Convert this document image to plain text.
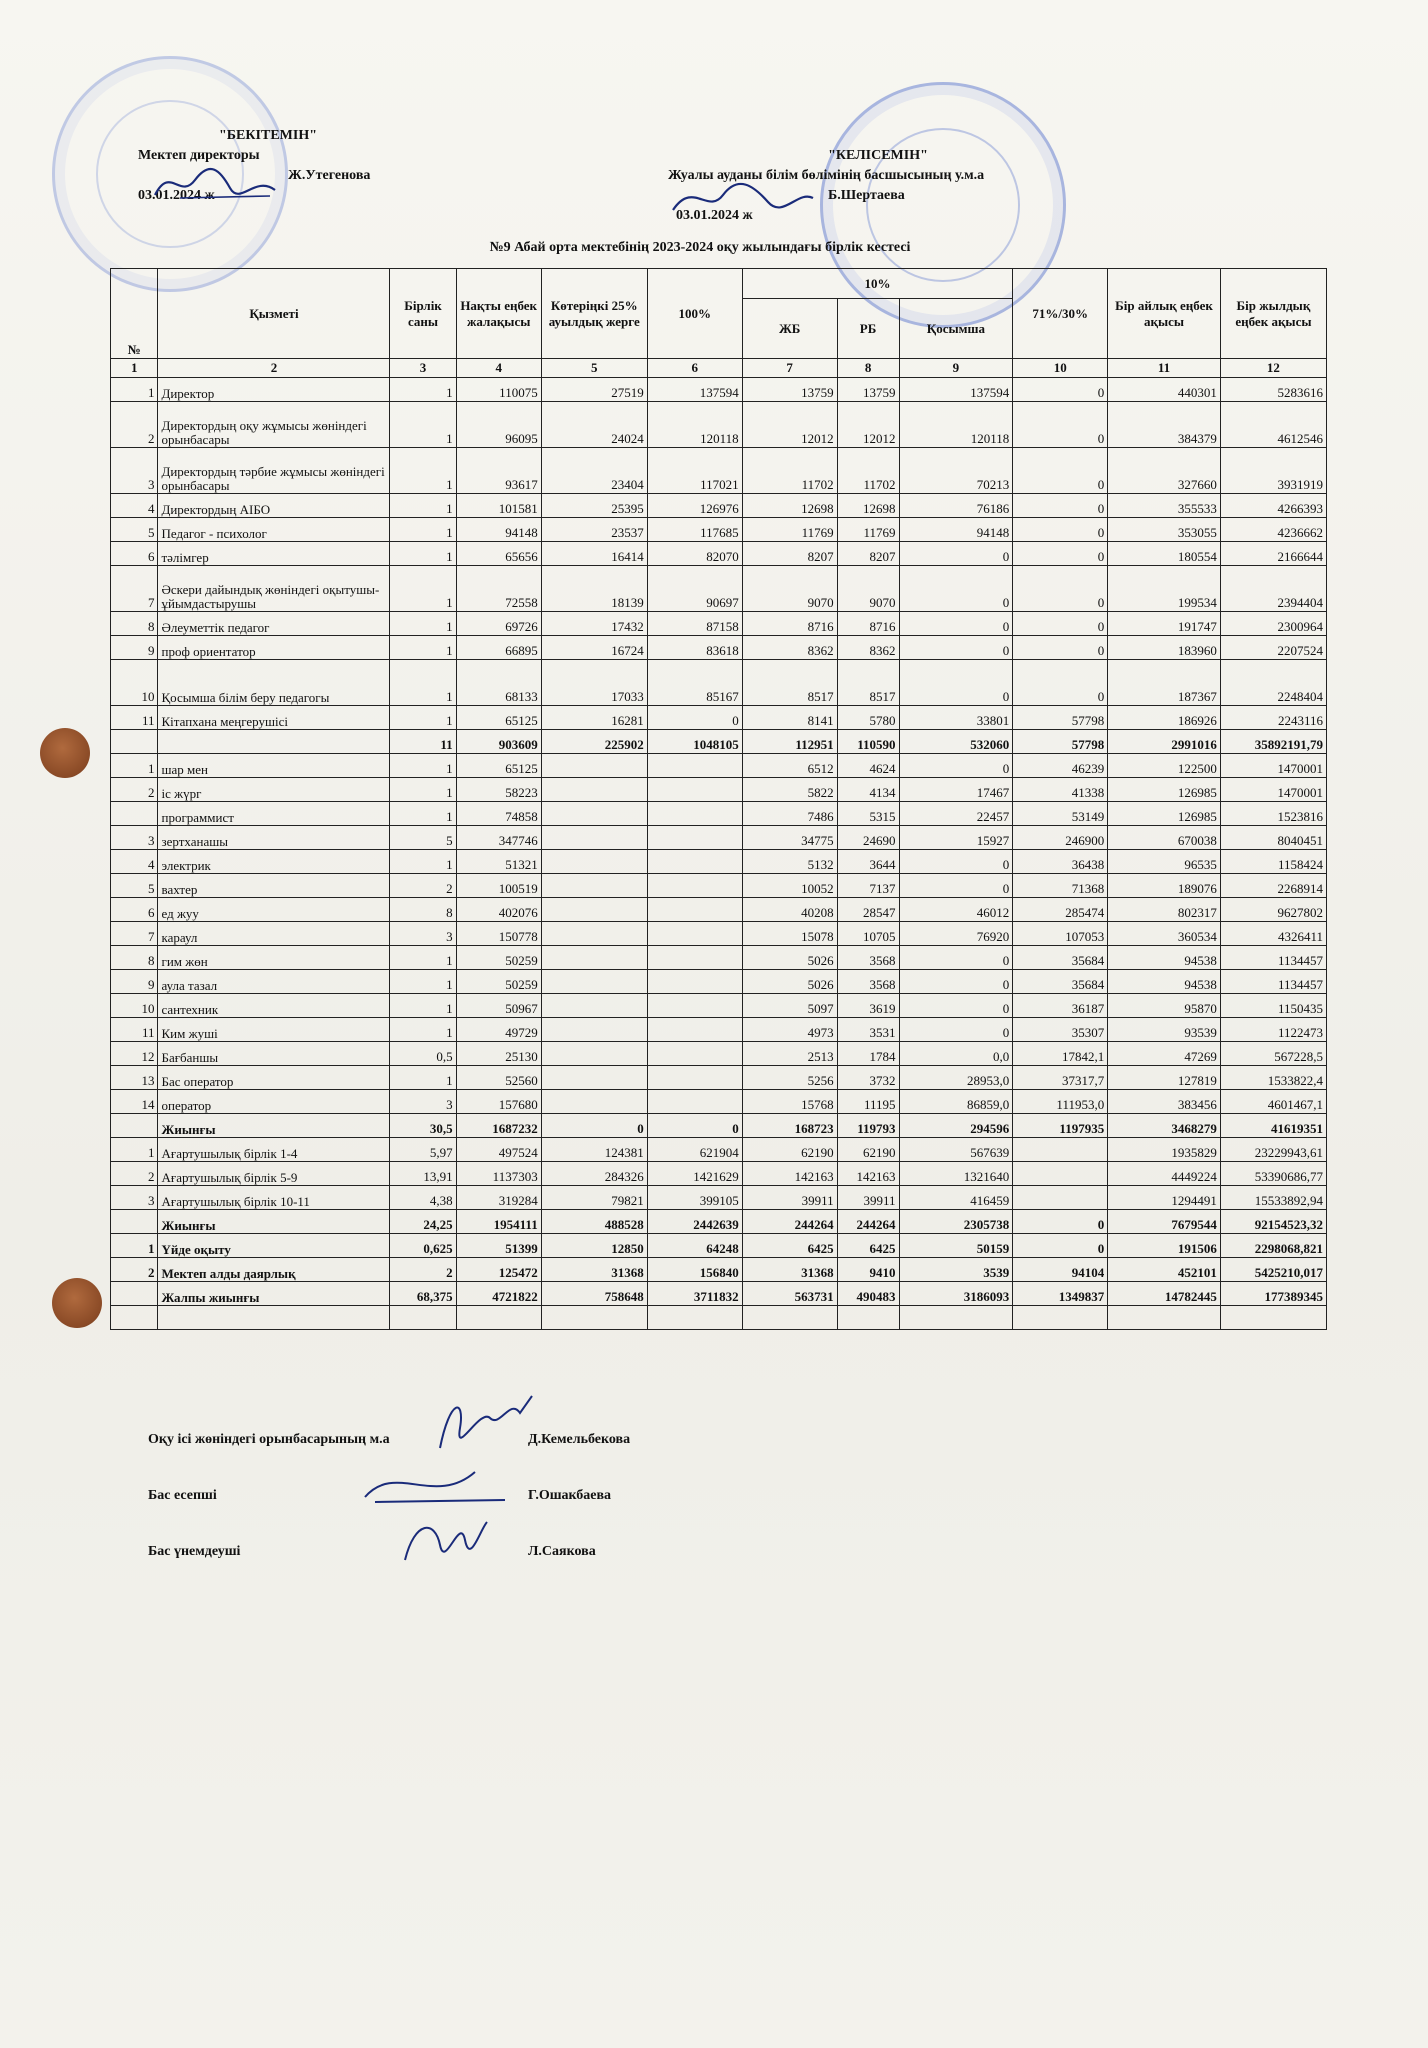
"БЕКІТЕМІН"
Мектеп директоры
Ж.Утегенова
03.01.2024 ж
"КЕЛІСЕМІН"
Жуалы ауданы білім бөлімінің басшысының у.м.а
Б.Шертаева
03.01.2024 ж
№9 Абай орта мектебінің 2023-2024 оқу жылындағы бірлік кестесі
№	Қызметі	Бірлік саны	Нақты еңбек жалақысы	Көтеріңкі 25% ауылдық жерге	100%	10%			71%/30%	Бір айлық еңбек ақысы	Бір жылдық еңбек ақысы
						ЖБ	РБ	Қосымша			
1	2	3	4	5	6	7	8	9	10	11	12
1	Директор	1	110075	27519	137594	13759	13759	137594	0	440301	5283616
2	Директордың оқу жұмысы жөніндегі орынбасары	1	96095	24024	120118	12012	12012	120118	0	384379	4612546
3	Директордың тәрбие жұмысы жөніндегі орынбасары	1	93617	23404	117021	11702	11702	70213	0	327660	3931919
4	Директордың АІБО	1	101581	25395	126976	12698	12698	76186	0	355533	4266393
5	Педагог - психолог	1	94148	23537	117685	11769	11769	94148	0	353055	4236662
6	тәлімгер	1	65656	16414	82070	8207	8207	0	0	180554	2166644
7	Әскери дайындық жөніндегі оқытушы-ұйымдастырушы	1	72558	18139	90697	9070	9070	0	0	199534	2394404
8	Әлеуметтік педагог	1	69726	17432	87158	8716	8716	0	0	191747	2300964
9	проф ориентатор	1	66895	16724	83618	8362	8362	0	0	183960	2207524
10	Қосымша білім беру педагогы	1	68133	17033	85167	8517	8517	0	0	187367	2248404
11	Кітапхана меңгерушісі	1	65125	16281	0	8141	5780	33801	57798	186926	2243116
		11	903609	225902	1048105	112951	110590	532060	57798	2991016	35892191,79
1	шар мен	1	65125			6512	4624	0	46239	122500	1470001
2	іс жүрг	1	58223			5822	4134	17467	41338	126985	1470001
	программист	1	74858			7486	5315	22457	53149	126985	1523816
3	зертханашы	5	347746			34775	24690	15927	246900	670038	8040451
4	электрик	1	51321			5132	3644	0	36438	96535	1158424
5	вахтер	2	100519			10052	7137	0	71368	189076	2268914
6	ед жуу	8	402076			40208	28547	46012	285474	802317	9627802
7	караул	3	150778			15078	10705	76920	107053	360534	4326411
8	гим жөн	1	50259			5026	3568	0	35684	94538	1134457
9	аула тазал	1	50259			5026	3568	0	35684	94538	1134457
10	сантехник	1	50967			5097	3619	0	36187	95870	1150435
11	Ким жуші	1	49729			4973	3531	0	35307	93539	1122473
12	Бағбаншы	0,5	25130			2513	1784	0,0	17842,1	47269	567228,5
13	Бас оператор	1	52560			5256	3732	28953,0	37317,7	127819	1533822,4
14	оператор	3	157680			15768	11195	86859,0	111953,0	383456	4601467,1
	Жиынғы	30,5	1687232	0	0	168723	119793	294596	1197935	3468279	41619351
1	Ағартушылық бірлік 1-4	5,97	497524	124381	621904	62190	62190	567639		1935829	23229943,61
2	Ағартушылық бірлік 5-9	13,91	1137303	284326	1421629	142163	142163	1321640		4449224	53390686,77
3	Ағартушылық бірлік 10-11	4,38	319284	79821	399105	39911	39911	416459		1294491	15533892,94
	Жиынғы	24,25	1954111	488528	2442639	244264	244264	2305738	0	7679544	92154523,32
1	Үйде оқыту	0,625	51399	12850	64248	6425	6425	50159	0	191506	2298068,821
2	Мектеп алды даярлық	2	125472	31368	156840	31368	9410	3539	94104	452101	5425210,017
	Жалпы жиынғы	68,375	4721822	758648	3711832	563731	490483	3186093	1349837	14782445	177389345

Оқу ісі жөніндегі орынбасарының м.а	Д.Кемельбекова
Бас есепші	Г.Ошакбаева
Бас үнемдеуші	Л.Саякова
